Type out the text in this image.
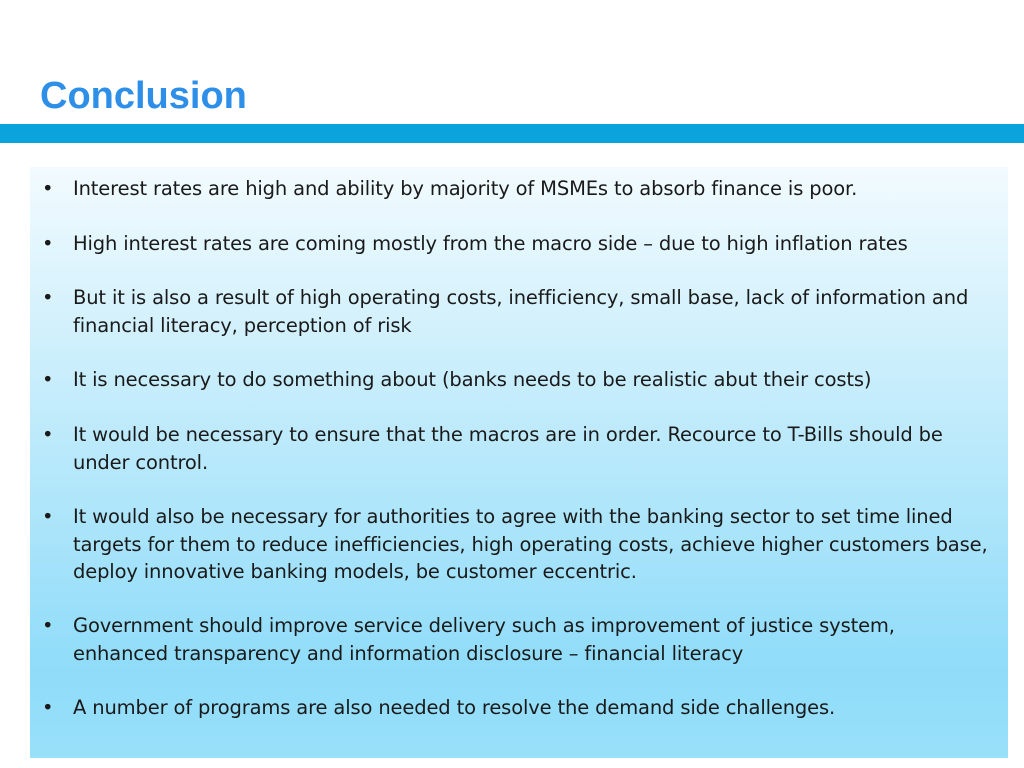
Conclusion
•	Interest rates are high and ability by majority of MSMEs to absorb finance is poor.
•	High interest rates are coming mostly from the macro side – due to high inflation rates
•	But it is also a result of high operating costs, inefficiency, small base, lack of information and financial literacy, perception of risk
•	It is necessary to do something about (banks needs to be realistic abut their costs)
•	It would be necessary to ensure that the macros are in order. Recource to T-Bills should be under control.
•	It would also be necessary for authorities to agree with the banking sector to set time lined targets for them to reduce inefficiencies, high operating costs, achieve higher customers base, deploy innovative banking models, be customer eccentric.
•	Government should improve service delivery such as improvement of justice system, enhanced transparency and information disclosure – financial literacy
•	A number of programs are also needed to resolve the demand side challenges.
